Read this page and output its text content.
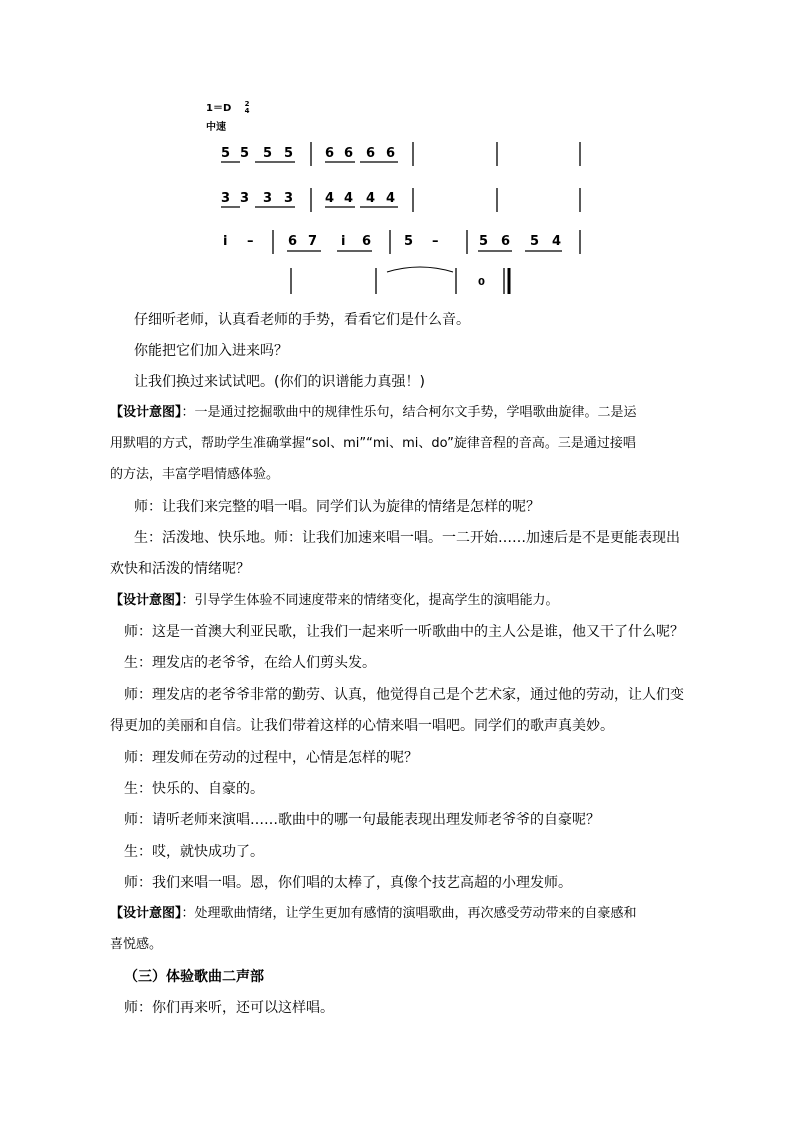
1＝D 2
4
中速
5 5 5 5 6 6 6 6
3 3 3 3 4 4 4 4
i –	6 7 i 6	5 –	5 6 5 4
0
仔细听老师，认真看老师的手势，看看它们是什么音。
你能把它们加入进来吗？
让我们换过来试试吧。(你们的识谱能力真强！)
【设计意图】：一是通过挖掘歌曲中的规律性乐句，结合柯尔文手势，学唱歌曲旋律。二是运
用默唱的方式，帮助学生准确掌握“sol、mi”“mi、mi、do”旋律音程的音高。三是通过接唱
的方法，丰富学唱情感体验。
师：让我们来完整的唱一唱。同学们认为旋律的情绪是怎样的呢？
生：活泼地、快乐地。师：让我们加速来唱一唱。一二开始……加速后是不是更能表现出
欢快和活泼的情绪呢？
【设计意图】：引导学生体验不同速度带来的情绪变化，提高学生的演唱能力。
师：这是一首澳大利亚民歌，让我们一起来听一听歌曲中的主人公是谁，他又干了什么呢？
生：理发店的老爷爷，在给人们剪头发。
师：理发店的老爷爷非常的勤劳、认真，他觉得自己是个艺术家，通过他的劳动，让人们变
得更加的美丽和自信。让我们带着这样的心情来唱一唱吧。同学们的歌声真美妙。
师：理发师在劳动的过程中，心情是怎样的呢？
生：快乐的、自豪的。
师：请听老师来演唱……歌曲中的哪一句最能表现出理发师老爷爷的自豪呢？
生：哎，就快成功了。
师：我们来唱一唱。恩，你们唱的太棒了，真像个技艺高超的小理发师。
【设计意图】：处理歌曲情绪，让学生更加有感情的演唱歌曲，再次感受劳动带来的自豪感和
喜悦感。
（三）体验歌曲二声部
师：你们再来听，还可以这样唱。
